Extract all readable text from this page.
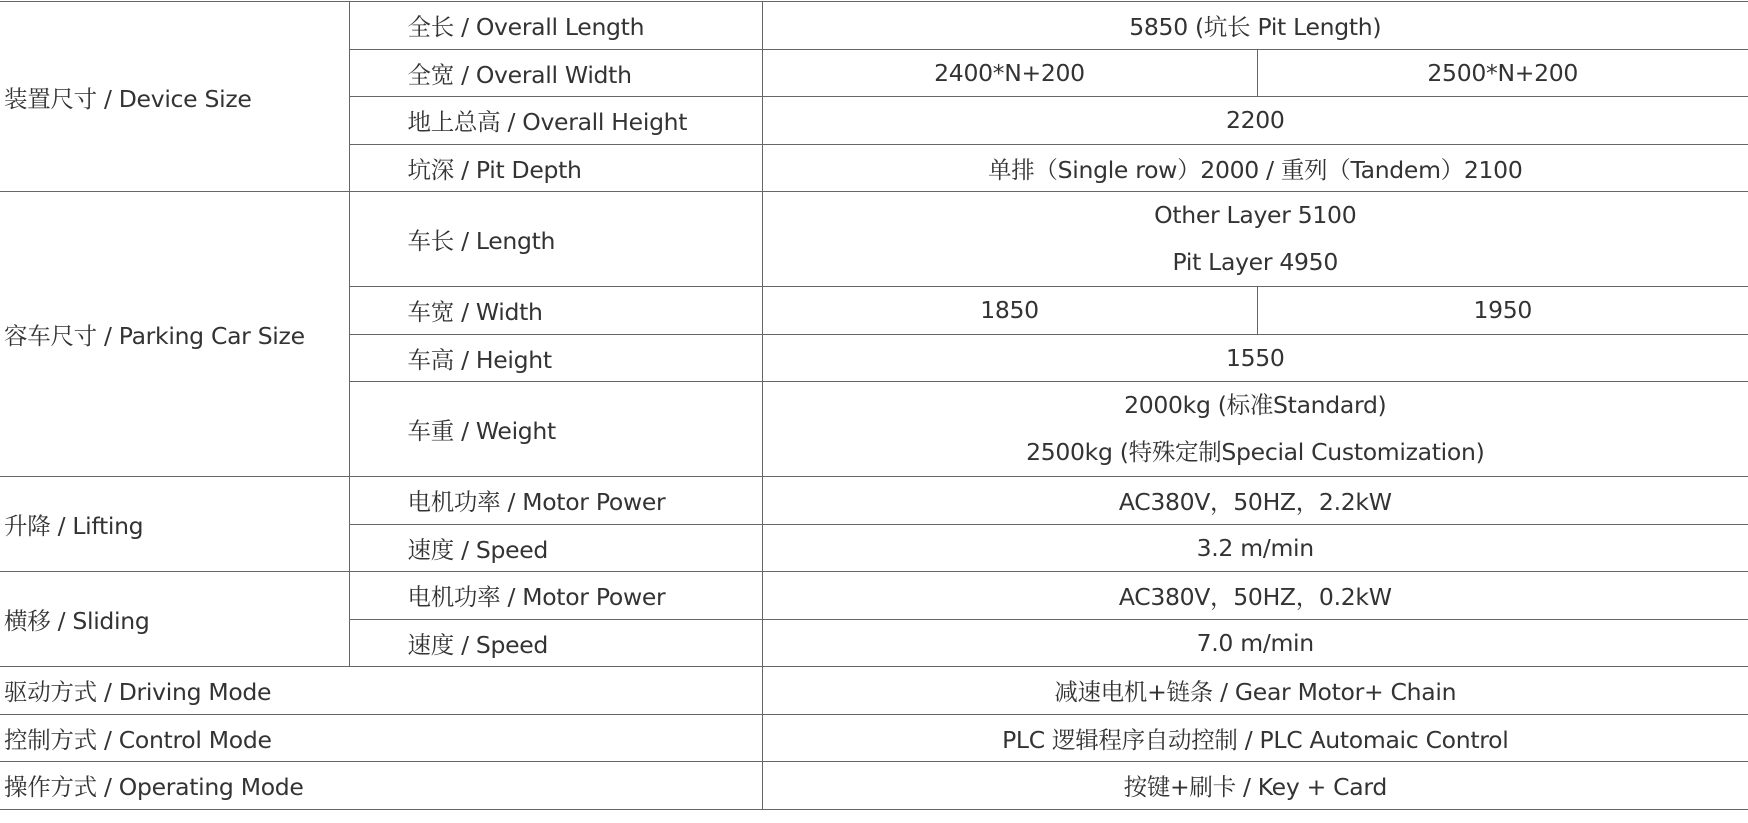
装置尺寸 / Device Size	全长 / Overall Length	5850 (坑长 Pit Length)	
	全宽 / Overall Width	2400*N+200	2500*N+200
	地上总高 / Overall Height	2200	
	坑深 / Pit Depth	单排（Single row）2000 / 重列（Tandem）2100	
容车尺寸 / Parking Car Size	车长 / Length	Other Layer 5100
Pit Layer 4950	

	车宽 / Width	1850	1950
	车高 / Height	1550	
	车重 / Weight	2000kg (标准Standard)
2500kg (特殊定制Special Customization)	

升降 / Lifting	电机功率 / Motor Power	AC380V，50HZ，2.2kW	
	速度 / Speed	3.2 m/min	
横移 / Sliding	电机功率 / Motor Power	AC380V，50HZ，0.2kW	
	速度 / Speed	7.0 m/min	
驱动方式 / Driving Mode		减速电机+链条 / Gear Motor+ Chain	
控制方式 / Control Mode		PLC 逻辑程序自动控制 / PLC Automaic Control	
操作方式 / Operating Mode		按键+刷卡 / Key + Card	
